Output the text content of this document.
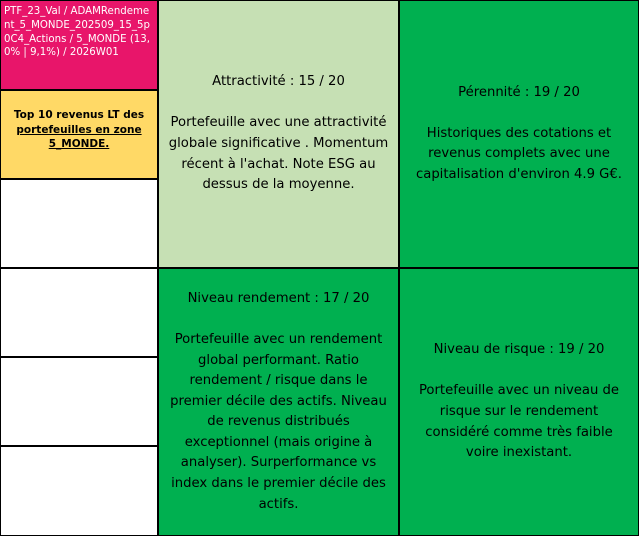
PTF_23_Val / ADAMRendement_5_MONDE_202509_15_5p0C4_Actions / 5_MONDE (13,0% | 9,1%) / 2026W01
Top 10 revenus LT des
portefeuilles en zone
5_MONDE.
Attractivité : 15 / 20
Portefeuille avec une attractivité globale significative . Momentum récent à l'achat. Note ESG au dessus de la moyenne.
Pérennité : 19 / 20
Historiques des cotations et revenus complets avec une capitalisation d'environ 4.9 G€.
Niveau rendement : 17 / 20
Portefeuille avec un rendement global performant. Ratio rendement / risque dans le premier décile des actifs. Niveau de revenus distribués exceptionnel (mais origine à analyser). Surperformance vs index dans le premier décile des actifs.
Niveau de risque : 19 / 20
Portefeuille avec un niveau de risque sur le rendement considéré comme très faible voire inexistant.
